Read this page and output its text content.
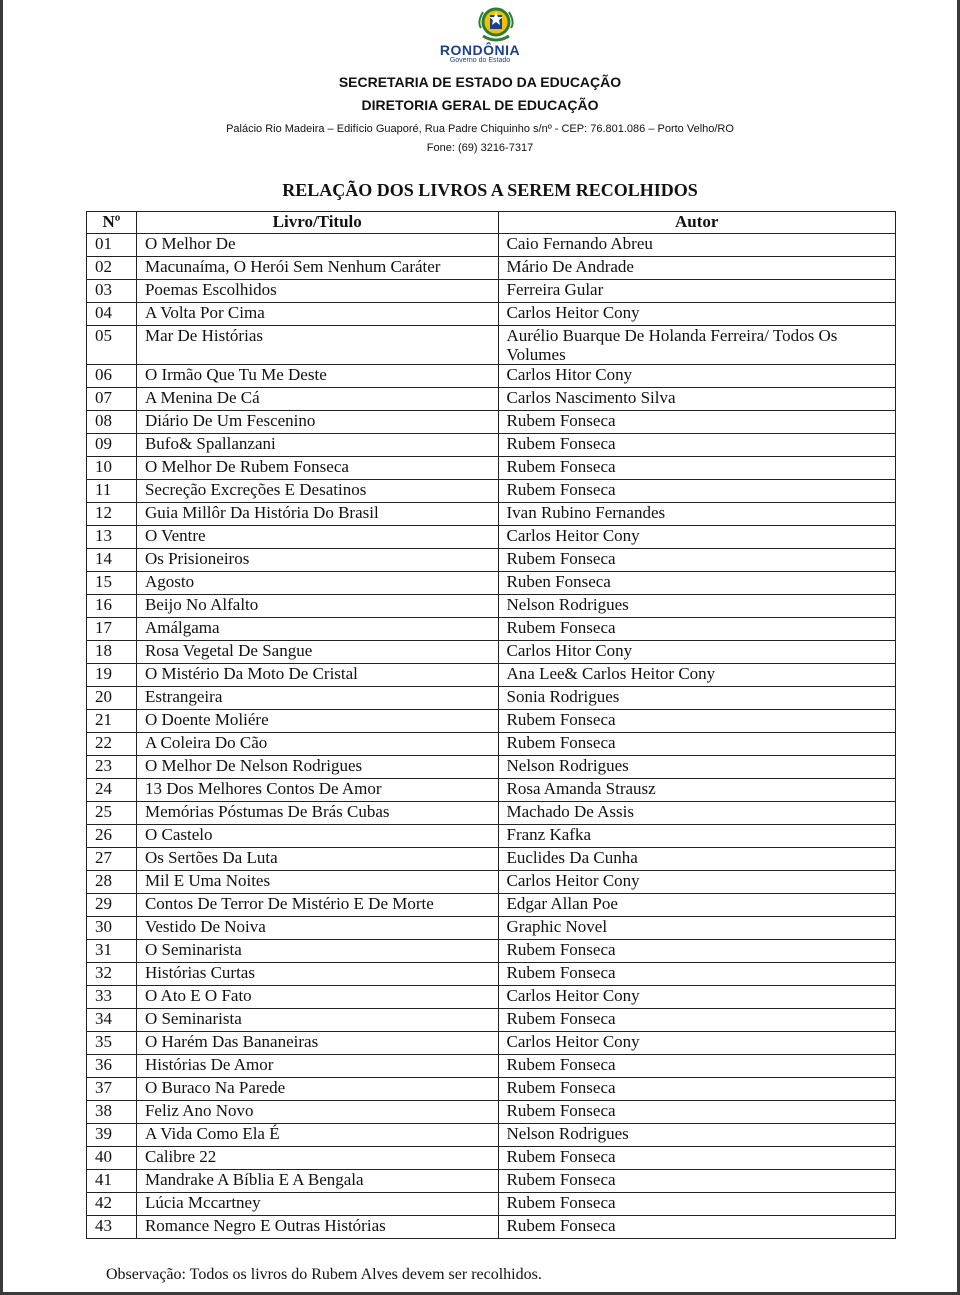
RONDÔNIA
Governo do Estado
SECRETARIA DE ESTADO DA EDUCAÇÃO
DIRETORIA GERAL DE EDUCAÇÃO
Palácio Rio Madeira – Edifício Guaporé, Rua Padre Chiquinho s/nº - CEP: 76.801.086 – Porto Velho/RO
Fone: (69) 3216-7317
RELAÇÃO DOS LIVROS A SEREM RECOLHIDOS
Nº	Livro/Titulo	Autor
01	O Melhor De	Caio Fernando Abreu
02	Macunaíma, O Herói Sem Nenhum Caráter	Mário De Andrade
03	Poemas Escolhidos	Ferreira Gular
04	A Volta Por Cima	Carlos Heitor Cony
05	Mar De Histórias	Aurélio Buarque De Holanda Ferreira/ Todos Os Volumes
06	O Irmão Que Tu Me Deste	Carlos Hitor Cony
07	A Menina De Cá	Carlos Nascimento Silva
08	Diário De Um Fescenino	Rubem Fonseca
09	Bufo& Spallanzani	Rubem Fonseca
10	O Melhor De Rubem Fonseca	Rubem Fonseca
11	Secreção Excreções E Desatinos	Rubem Fonseca
12	Guia Millôr Da História Do Brasil	Ivan Rubino Fernandes
13	O Ventre	Carlos Heitor Cony
14	Os Prisioneiros	Rubem Fonseca
15	Agosto	Ruben Fonseca
16	Beijo No Alfalto	Nelson Rodrigues
17	Amálgama	Rubem Fonseca
18	Rosa Vegetal De Sangue	Carlos Hitor Cony
19	O Mistério Da Moto De Cristal	Ana Lee& Carlos Heitor Cony
20	Estrangeira	Sonia Rodrigues
21	O Doente Moliére	Rubem Fonseca
22	A Coleira Do Cão	Rubem Fonseca
23	O Melhor De Nelson Rodrigues	Nelson Rodrigues
24	13 Dos Melhores Contos De Amor	Rosa Amanda Strausz
25	Memórias Póstumas De Brás Cubas	Machado De Assis
26	O Castelo	Franz Kafka
27	Os Sertões Da Luta	Euclides Da Cunha
28	Mil E Uma Noites	Carlos Heitor Cony
29	Contos De Terror De Mistério E De Morte	Edgar Allan Poe
30	Vestido De Noiva	Graphic Novel
31	O Seminarista	Rubem Fonseca
32	Histórias Curtas	Rubem Fonseca
33	O Ato E O Fato	Carlos Heitor Cony
34	O Seminarista	Rubem Fonseca
35	O Harém Das Bananeiras	Carlos Heitor Cony
36	Histórias De Amor	Rubem Fonseca
37	O Buraco Na Parede	Rubem Fonseca
38	Feliz Ano Novo	Rubem Fonseca
39	A Vida Como Ela É	Nelson Rodrigues
40	Calibre 22	Rubem Fonseca
41	Mandrake A Bíblia E A Bengala	Rubem Fonseca
42	Lúcia Mccartney	Rubem Fonseca
43	Romance Negro E Outras Histórias	Rubem Fonseca
Observação: Todos os livros do Rubem Alves devem ser recolhidos.
